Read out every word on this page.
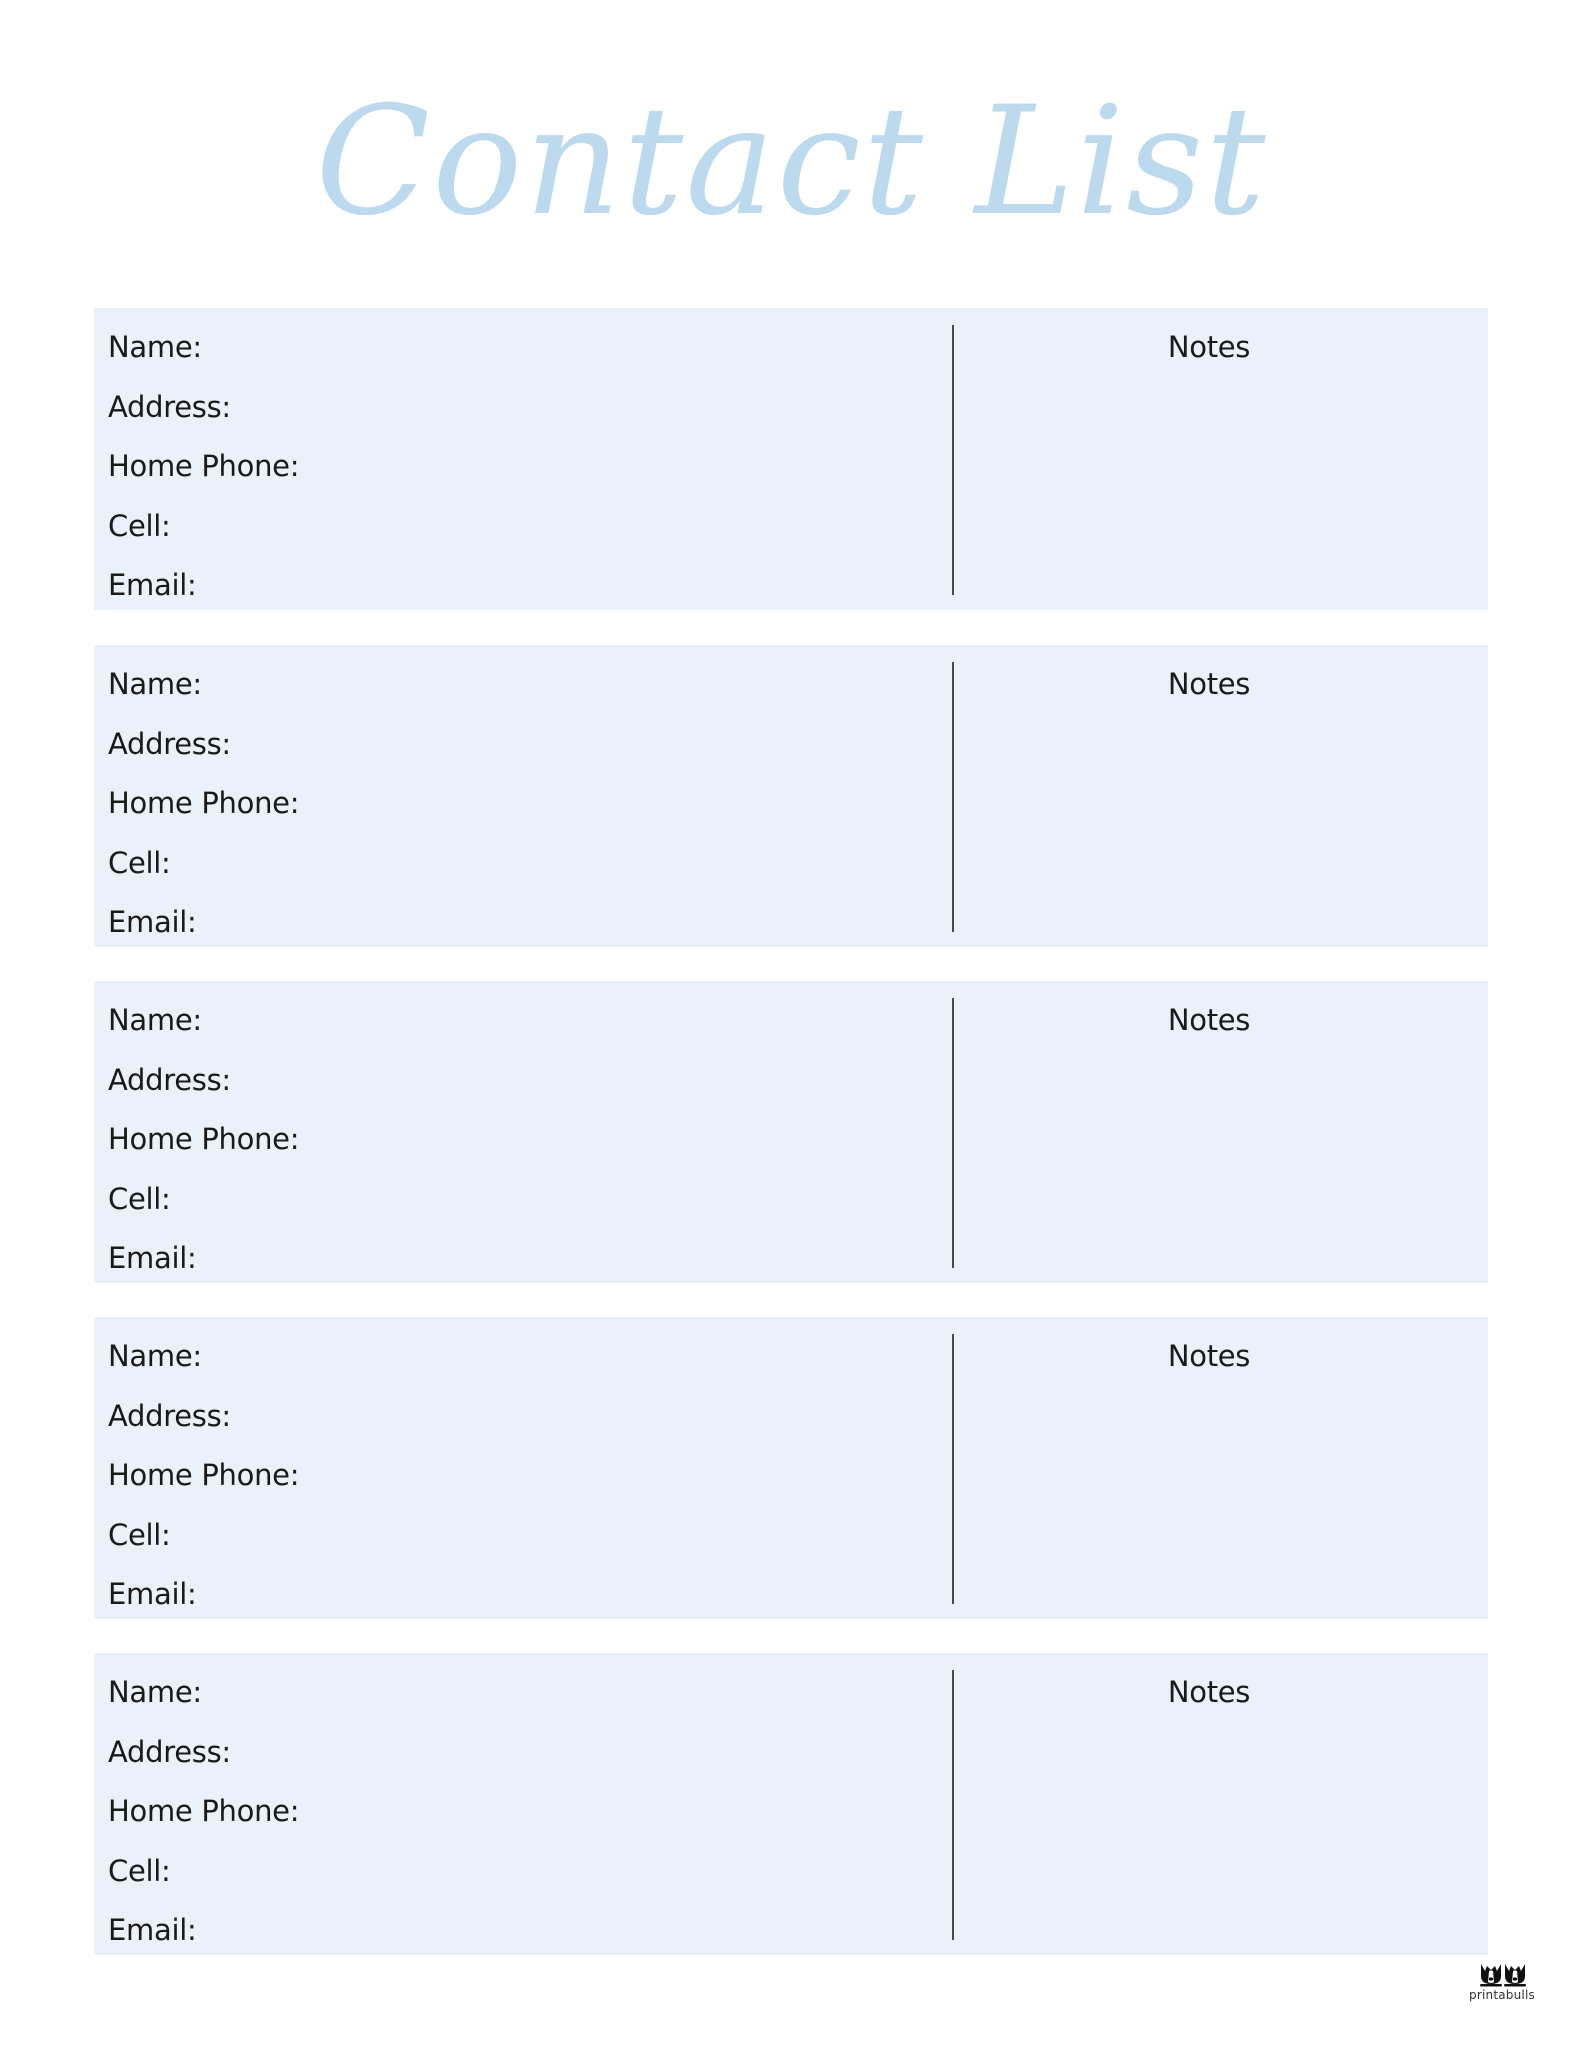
Contact List
Name:
Address:
Home Phone:
Cell:
Email:
Notes
Name:
Address:
Home Phone:
Cell:
Email:
Notes
Name:
Address:
Home Phone:
Cell:
Email:
Notes
Name:
Address:
Home Phone:
Cell:
Email:
Notes
Name:
Address:
Home Phone:
Cell:
Email:
Notes
printabulls
